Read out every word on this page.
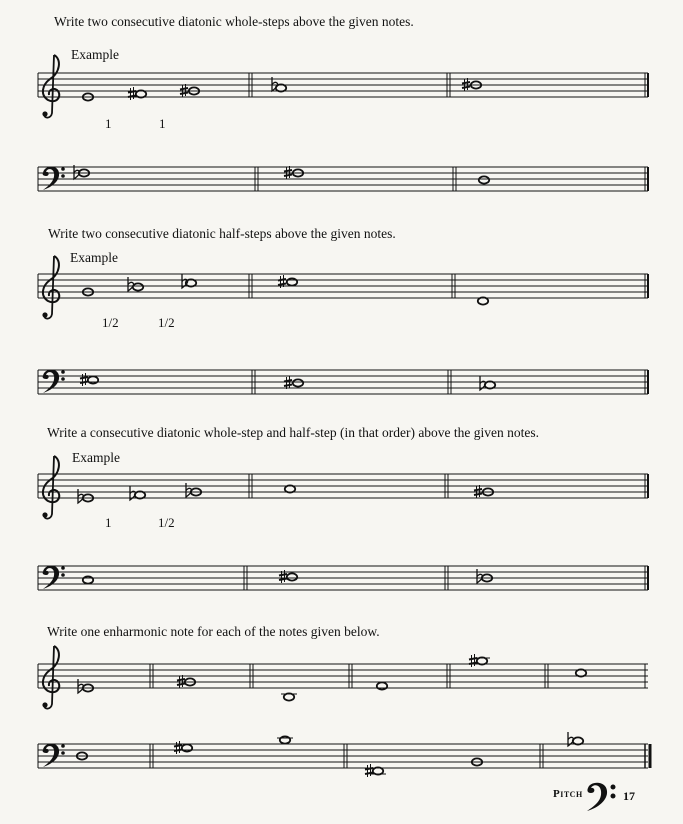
Write two consecutive diatonic whole-steps above the given notes.
Example
1	1
Write two consecutive diatonic half-steps above the given notes.
Example
1/2	1/2
Write a consecutive diatonic whole-step and half-step (in that order) above the given notes.
Example
1	1/2
Write one enharmonic note for each of the notes given below.
Pitch	17
